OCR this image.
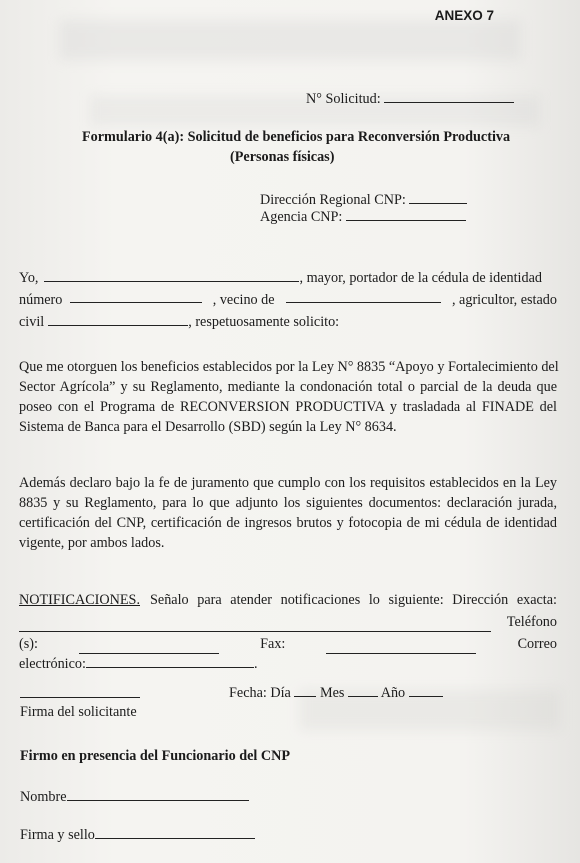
ANEXO 7
N° Solicitud:
Formulario 4(a): Solicitud de beneficios para Reconversión Productiva
(Personas físicas)
Dirección Regional CNP:
Agencia CNP:
Yo,	, mayor, portador de la cédula de identidad
número	, vecino de	, agricultor, estado
civil	, respetuosamente solicito:
Que me otorguen los beneficios establecidos por la Ley N° 8835 “Apoyo y Fortalecimiento del
Sector Agrícola” y su Reglamento, mediante la condonación total o parcial de la deuda que
poseo con el Programa de RECONVERSION PRODUCTIVA y trasladada al FINADE del
Sistema de Banca para el Desarrollo (SBD) según la Ley N° 8634.
Además declaro bajo la fe de juramento que cumplo con los requisitos establecidos en la Ley
8835 y su Reglamento, para lo que adjunto los siguientes documentos: declaración jurada,
certificación del CNP, certificación de ingresos brutos y fotocopia de mi cédula de identidad
vigente, por ambos lados.
NOTIFICACIONES. Señalo para atender notificaciones lo siguiente: Dirección exacta:
Teléfono
(s):	Fax:	Correo
electrónico:	.
Firma del solicitante
Fecha: Día Mes	Año
Firmo en presencia del Funcionario del CNP
Nombre
Firma y sello
